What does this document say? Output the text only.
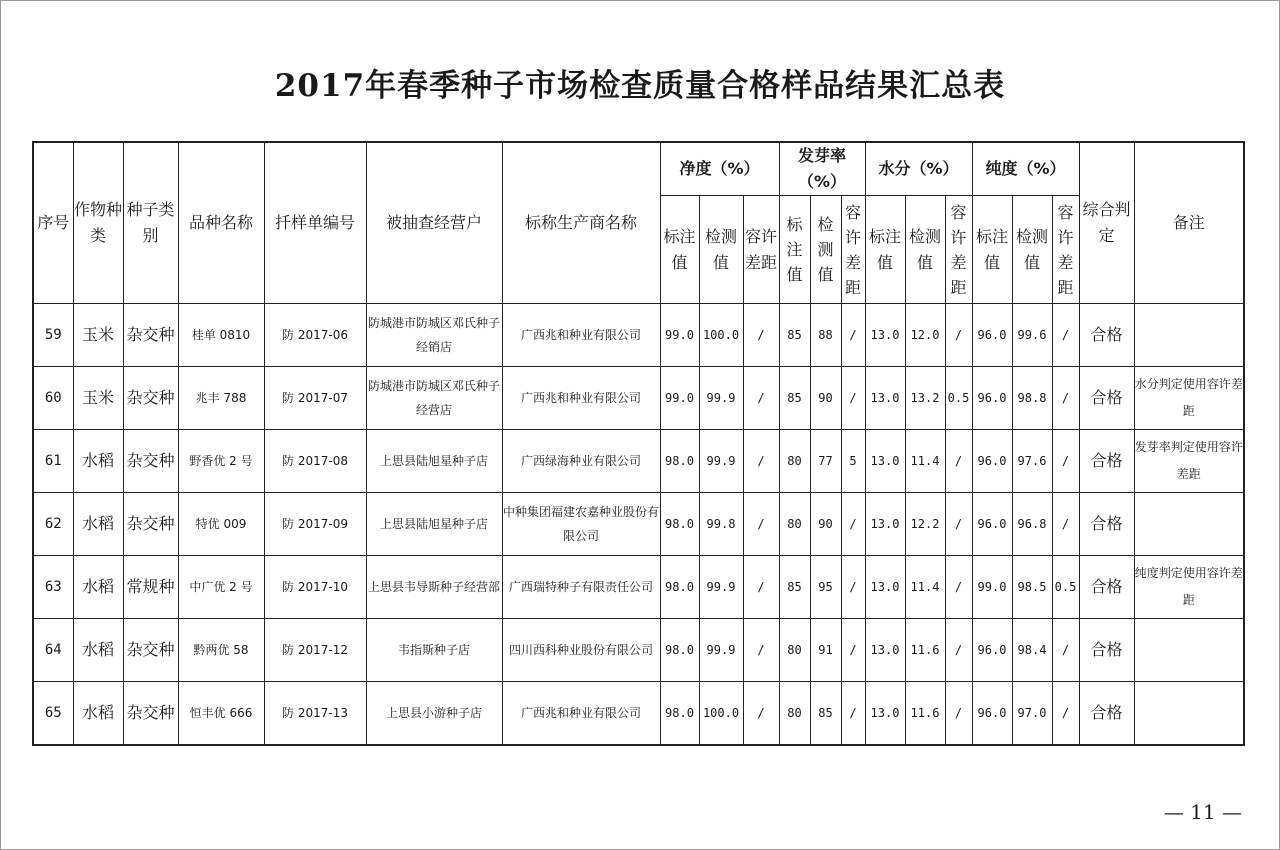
2017年春季种子市场检查质量合格样品结果汇总表
序号	作物种类	种子类别	品种名称	扦样单编号	被抽查经营户	标称生产商名称	净度（%）			发芽率（%）			水分（%）			纯度（%）			综合判定	备注
							标注值	检测值	容许差距	标注值	检测值	容许差距	标注值	检测值	容许差距	标注值	检测值	容许差距		
59	玉米	杂交种	桂单 0810	防 2017-06	防城港市防城区邓氏种子经销店	广西兆和种业有限公司	99.0	100.0	/	85	88	/	13.0	12.0	/	96.0	99.6	/	合格	
60	玉米	杂交种	兆丰 788	防 2017-07	防城港市防城区邓氏种子经营店	广西兆和种业有限公司	99.0	99.9	/	85	90	/	13.0	13.2	0.5	96.0	98.8	/	合格	水分判定使用容许差距
61	水稻	杂交种	野香优 2 号	防 2017-08	上思县陆旭星种子店	广西绿海种业有限公司	98.0	99.9	/	80	77	5	13.0	11.4	/	96.0	97.6	/	合格	发芽率判定使用容许差距
62	水稻	杂交种	特优 009	防 2017-09	上思县陆旭星种子店	中种集团福建农嘉种业股份有限公司	98.0	99.8	/	80	90	/	13.0	12.2	/	96.0	96.8	/	合格	
63	水稻	常规种	中广优 2 号	防 2017-10	上思县韦导斯种子经营部	广西瑞特种子有限责任公司	98.0	99.9	/	85	95	/	13.0	11.4	/	99.0	98.5	0.5	合格	纯度判定使用容许差距
64	水稻	杂交种	黔两优 58	防 2017-12	韦指斯种子店	四川西科种业股份有限公司	98.0	99.9	/	80	91	/	13.0	11.6	/	96.0	98.4	/	合格	
65	水稻	杂交种	恒丰优 666	防 2017-13	上思县小游种子店	广西兆和种业有限公司	98.0	100.0	/	80	85	/	13.0	11.6	/	96.0	97.0	/	合格	
— 11 —
